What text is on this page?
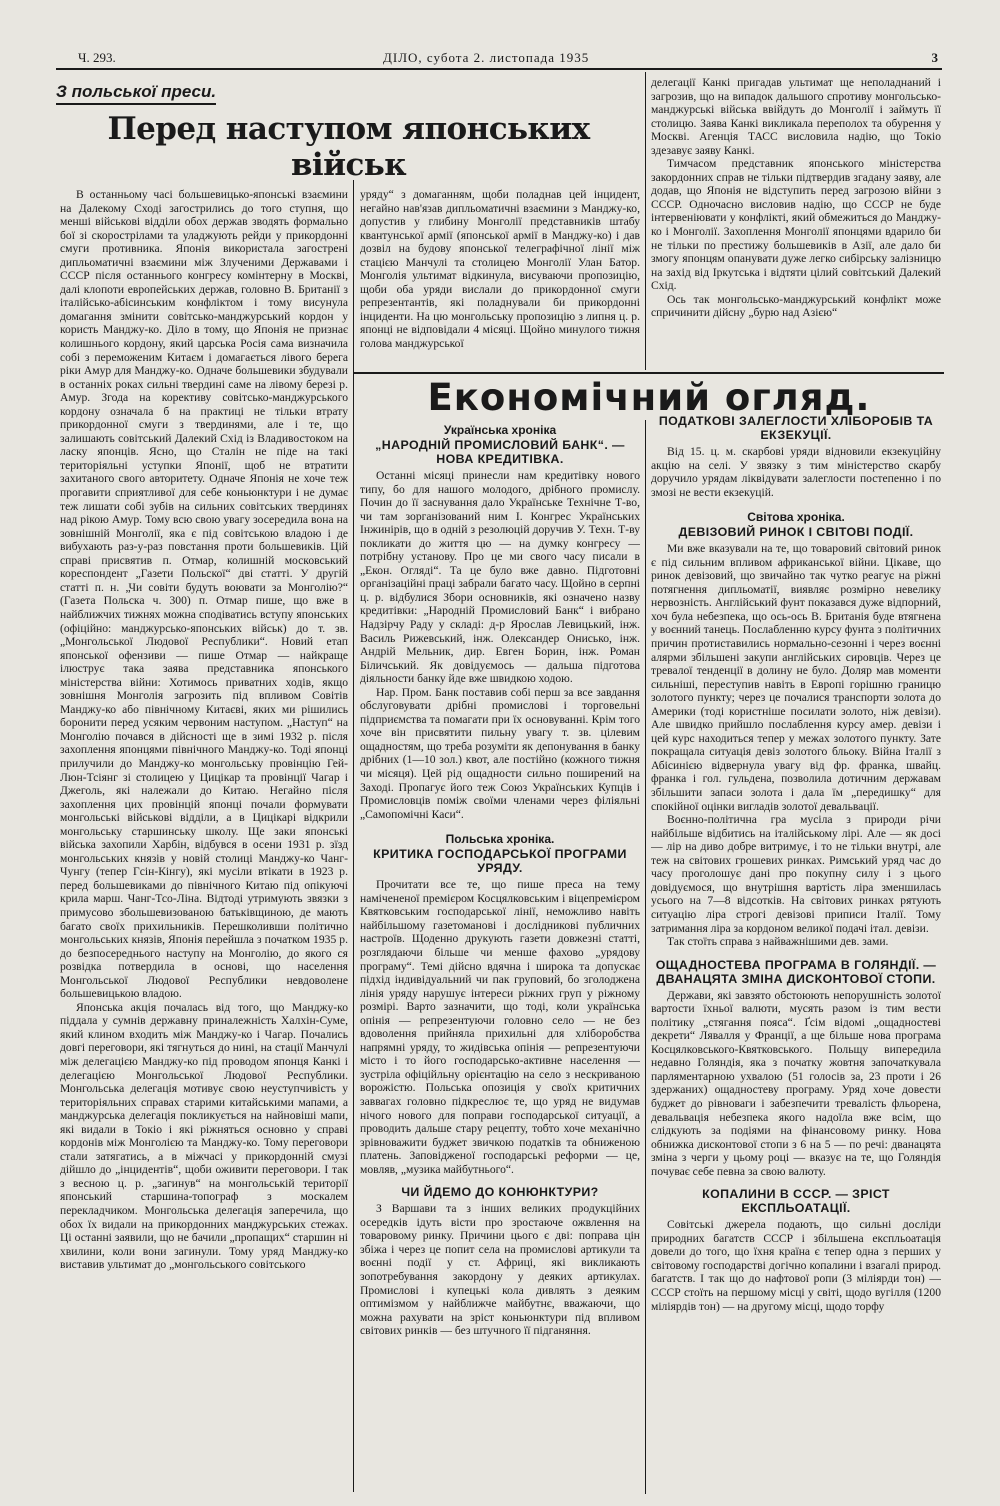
Ч. 293.	ДІЛО, субота 2. листопада 1935	3
З польської преси.
Перед наступом японських військ

В останньому часі большевицько-японські взаємини на Далекому Сході загострились до того ступня, що менші військові відділи обох держав зводять формально бої зі скорострілами та уладжують рейди у прикордонні смуги противника. Японія використала загострені дипльоматичні взаємини між Злученими Державами і СССР після останнього конгресу комінтерну в Москві, далі клопоти европейських держав, головно В. Британії з італійсько-абісинським конфліктом і тому висунула домагання змінити совітсько-манджурський кордон у користь Манджу-ко. Діло в тому, що Японія не признає колишнього кордону, який царська Росія сама визначила собі з переможеним Китаєм і домагається лівого берега ріки Амур для Манджу-ко. Одначе большевики збудували в останніх роках сильні твердині саме на лівому березі р. Амур. Згода на корективу совітсько-манджурського кордону означала б на практиці не тільки втрату прикордонної смуги з твердинями, але і те, що залишають совітський Далекий Схід із Владивостоком на ласку японців. Ясно, що Сталін не піде на такі територіяльні уступки Японії, щоб не втратити захитаного свого авторитету. Одначе Японія не хоче теж прогавити сприятливої для себе коньюнктури і не думає теж лишати собі зубів на сильних совітських твердинях над рікою Амур. Тому всю свою увагу зосередила вона на зовнішній Монголії, яка є під совітською владою і де вибухають раз-у-раз повстання проти большевиків. Цій справі присвятив п. Отмар, колишній московський кореспондент „Газети Польскої“ дві статті. У другій статті п. н. „Чи совіти будуть воювати за Монголію?“ (Газета Польска ч. 300) п. Отмар пише, що вже в найближчих тижнях можна сподіватись вступу японських (офіційно: манджурсько-японських військ) до т. зв. „Монгольської Людової Республики“. Новий етап японської офензиви — пише Отмар — найкраще ілюструє така заява представника японського міністерства війни: Хотимось приватних ходів, якщо зовнішня Монголія загрозить під впливом Совітів Манджу-ко або північному Китаєві, яких ми рішились боронити перед усяким червоним наступом. „Наступ“ на Монголію почався в дійсності ще в зимі 1932 р. після захоплення японцями північного Манджу-ко. Тоді японці прилучили до Манджу-ко монгольську провінцію Гей-Люн-Тсіянг зі столицею у Цицікар та провінції Чагар і Джеголь, які належали до Китаю. Негайно після захоплення цих провінцій японці почали формувати монгольські військові відділи, а в Цицікарі відкрили монгольську старшинську школу. Ще заки японські війська захопили Харбін, відбувся в осени 1931 р. зїзд монгольських князів у новій столиці Манджу-ко Чанг-Чунгу (тепер Гсін-Кінгу), які мусіли втікати в 1923 р. перед большевиками до північного Китаю під опікуючі крила марш. Чанг-Тсо-Ліна. Відтоді утримують звязки з примусово збольшевизованою батьківщиною, де мають багато своїх прихильників. Перешколивши політично монгольських князів, Японія перейшла з початком 1935 р. до безпосереднього наступу на Монголію, до якого ся розвідка потвердила в основі, що населення Монгольської Людової Республики невдоволене большевицькою владою.

Японська акція почалась від того, що Манджу-ко піддала у сумнів державну приналежність Халхін-Суме, який клином входить між Манджу-ко і Чагар. Почались довгі переговори, які тягнуться до нині, на стації Манчулі між делегацією Манджу-ко під проводом японця Канкі і делегацією Монгольської Людової Республики. Монгольська делегація мотивує свою неуступчивість у територіяльних справах старими китайськими мапами, а манджурська делегація покликується на найновіші мапи, які видали в Токіо і які ріжняться основно у справі кордонів між Монголією та Манджу-ко. Тому переговори стали затягатись, а в міжчасі у прикордонній смузі дійшло до „інцидентів“, щоби оживити переговори. І так з весною ц. р. „загинув“ на монгольській території японський старшина-топограф з москалем перекладчиком. Монгольська делегація заперечила, що обох їх видали на прикордонних манджурських стежах. Ці останні заявили, що не бачили „пропащих“ старшин ні хвилини, коли вони загинули. Тому уряд Манджу-ко виставив ультимат до „монгольського совітського

уряду“ з домаганням, щоби поладнав цей інцидент, негайно нав'язав дипльоматичні взаємини з Манджу-ко, допустив у глибину Монголії представників штабу квантунської армії (японської армії в Манджу-ко) і дав дозвіл на будову японської телеграфічної лінії між стацією Манчулі та столицею Монголії Улан Батор. Монголія ультимат відкинула, висуваючи пропозицію, щоби оба уряди вислали до прикордонної смуги репрезентантів, які поладнували би прикордонні інциденти. На цю монгольську пропозицію з липня ц. р. японці не відповідали 4 місяці. Щойно минулого тижня голова манджурської

делегації Канкі пригадав ультимат ще неполаднаний і загрозив, що на випадок дальшого спротиву монгольсько-манджурські війська ввійдуть до Монголії і займуть її столицю. Заява Канкі викликала переполох та обурення у Москві. Агенція ТАСС висловила надію, що Токіо здезавує заяву Канкі.

Тимчасом представник японського міністерства закордонних справ не тільки підтвердив згадану заяву, але додав, що Японія не відступить перед загрозою війни з СССР. Одночасно висловив надію, що СССР не буде інтервеніювати у конфлікті, який обмежиться до Манджу-ко і Монголії. Захоплення Монголії японцями вдарило би не тільки по престижу большевиків в Азії, але дало би змогу японцям опанувати дуже легко сибірську залізницю на захід від Іркутська і відтяти цілий совітський Далекий Схід.

Ось так монгольсько-манджурський конфлікт може спричинити дійсну „бурю над Азією“

Економічний огляд.
Українська хроніка
„НАРОДНІЙ ПРОМИСЛОВИЙ БАНК“. — НОВА КРЕДИТІВКА.

Останні місяці принесли нам кредитівку нового типу, бо для нашого молодого, дрібного промислу. Почин до її заснування дало Українське Технічне Т-во, чи там зорганізований ним І. Конгрес Українських Інжинірів, що в одній з резолюцій доручив У. Техн. Т-ву покликати до життя цю — на думку конгресу — потрібну установу. Про це ми свого часу писали в „Екон. Огляді“. Та це було вже давно. Підготовні організаційні праці забрали багато часу. Щойно в серпні ц. р. відбулися Збори основників, які означено назву кредитівки: „Народній Промисловий Банк“ і вибрано Надзірчу Раду у складі: д-р Ярослав Левицький, інж. Василь Рижевський, інж. Олександер Онисько, інж. Андрій Мельник, дир. Евген Борин, інж. Роман Біличський. Як довідуємось — дальша підготова діяльности банку йде вже швидкою ходою.

Нар. Пром. Банк поставив собі перш за все завдання обслуговувати дрібні промислові і торговельні підприємства та помагати при їх основуванні. Крім того хоче він присвятити пильну увагу т. зв. цілевим ощадностям, що треба розуміти як депонування в банку дрібних (1—10 зол.) квот, але постійно (кожного тижня чи місяця). Цей рід ощадности сильно поширений на Заході. Пропагує його теж Союз Українських Купців і Промисловців поміж своїми членами через філіяльні „Самопомічні Каси“.

Польська хроніка.
КРИТИКА ГОСПОДАРСЬКОЇ ПРОГРАМИ УРЯДУ.

Прочитати все те, що пише преса на тему намічененої премієром Косцялковським і віцепремієром Квятковським господарської лінії, неможливо навіть найбільшому газетоманові і дослідникові публичних настроїв. Щоденно друкують газети довжезні статті, розглядаючи більше чи менше фахово „урядову програму“. Темі дійсно вдячна і широка та допускає підхід індивідуальний чи пак груповий, бо зголоджена лінія уряду нарушує інтереси ріжних груп у ріжному розмірі. Варто зазначити, що тоді, коли українська опінія — репрезентуючи головно село — не без вдоволення прийняла прихильні для хліборобства напрямні уряду, то жидівська опінія — репрезентуючи місто і то його господарсько-активне населення — зустріла офіційльну орієнтацію на село з нескриваною ворожістю. Польська опозиція у своїх критичних заввагах головно підкреслює те, що уряд не видумав нічого нового для поправи господарської ситуації, а проводить дальше стару рецепту, тобто хоче механічно зрівноважити буджет звичкою податків та обниженою платень. Заповідженої господарські реформи — це, мовляв, „музика майбутнього“.

ЧИ ЙДЕМО ДО КОНЮНКТУРИ?

З Варшави та з інших великих продукційних осередків ідуть вісти про зростаюче ожвлення на товаровому ринку. Причини цього є дві: поправа цін збіжа і через це попит села на промислові артикули та воєнні події у ст. Африці, які викликають зопотребування закордону у деяких артикулах. Промислові і купецькі кола дивлять з деяким оптимізмом у найближче майбутнє, вважаючи, що можна рахувати на зріст коньюнктури під впливом світових ринків — без штучного її підганяння.

ПОДАТКОВІ ЗАЛЕГЛОСТИ ХЛІБОРОБІВ ТА ЕКЗЕКУЦІЇ.

Від 15. ц. м. скарбові уряди відновили екзекуційну акцію на селі. У звязку з тим міністерство скарбу доручило урядам ліквідувати залеглости постепенно і по змозі не вести екзекуцій.

Світова хроніка.
ДЕВІЗОВИЙ РИНОК І СВІТОВІ ПОДІЇ.

Ми вже вказували на те, що товаровий світовий ринок є під сильним впливом африканської війни. Цікаве, що ринок девізовий, що звичайно так чутко реагує на ріжні потягнення дипльоматії, виявляє розмірно невелику нервозність. Англійський фунт показався дуже відпорний, хоч була небезпека, що ось-ось В. Британія буде втягнена у воєнний танець. Послабленню курсу фунта з політичних причин протиставились нормально-сезонні і через воєнні алярми збільшені закупи англійських сировців. Через це тревалої тенденції в долину не було. Доляр мав моменти сильніші, переступив навіть в Европі горішню границю золотого пункту; через це почалися транспорти золота до Америки (тоді користніше посилати золото, ніж девізи). Але швидко прийшло послаблення курсу амер. девізи і цей курс находиться тепер у межах золотого пункту. Зате покращала ситуація девіз золотого бльоку. Війна Італії з Абісинією відвернула увагу від фр. франка, швайц. франка і гол. гульдена, позволила дотичним державам збільшити запаси золота і дала їм „передишку“ для спокійної оцінки вигладів золотої девальвації.

Воєнно-політична гра мусіла з природи річи найбільше відбитись на італійському лірі. Але — як досі — лір на диво добре витримує, і то не тільки внутрі, але теж на світових грошевих ринках. Римський уряд час до часу проголошує дані про покупну силу і з цього довідуємося, що внутрішня вартість ліра зменшилась усього на 7—8 відсотків. На світових ринках рятують ситуацію ліра строгі девізові приписи Італії. Тому затримання ліра за кордоном великої подачі італ. девізи.

Так стоїть справа з найважнішими дев. зами.

ОЩАДНОСТЕВА ПРОГРАМА В ГОЛЯНДІЇ. — ДВАНАЦЯТА ЗМІНА ДИСКОНТОВОЇ СТОПИ.

Держави, які завзято обстоюють непорушність золотої вартости їхньої валюти, мусять разом із тим вести політику „стягання пояса“. Ґсім відомі „ощадностеві декрети“ Лявалля у Франції, а ще більше нова програма Косцялковського-Квятковського. Польщу випередила недавно Голяндія, яка з початку жовтня започаткувала парляментарною ухвалою (51 голосів за, 23 проти і 26 здержаних) ощадностеву програму. Уряд хоче довести буджет до рівноваги і забезпечити тревалість фльорена, девальвація небезпека якого надоїла вже всім, що слідкують за подіями на фінансовому ринку. Нова обнижка дисконтової стопи з 6 на 5 — по речі: дванацята зміна з черги у цьому році — вказує на те, що Голяндія почуває себе певна за свою валюту.

КОПАЛИНИ В СССР. — ЗРІСТ ЕКСПЛЬОАТАЦІЇ.

Совітські джерела подають, що сильні досліди природних багатств СССР і збільшена експльоатація довели до того, що їхня країна є тепер одна з перших у світовому господарстві догічно копалини і взагалі природ. багатств. І так що до нафтової ропи (3 міліярди тон) — СССР стоїть на першому місці у світі, щодо вугілля (1200 міліярдів тон) — на другому місці, щодо торфу
